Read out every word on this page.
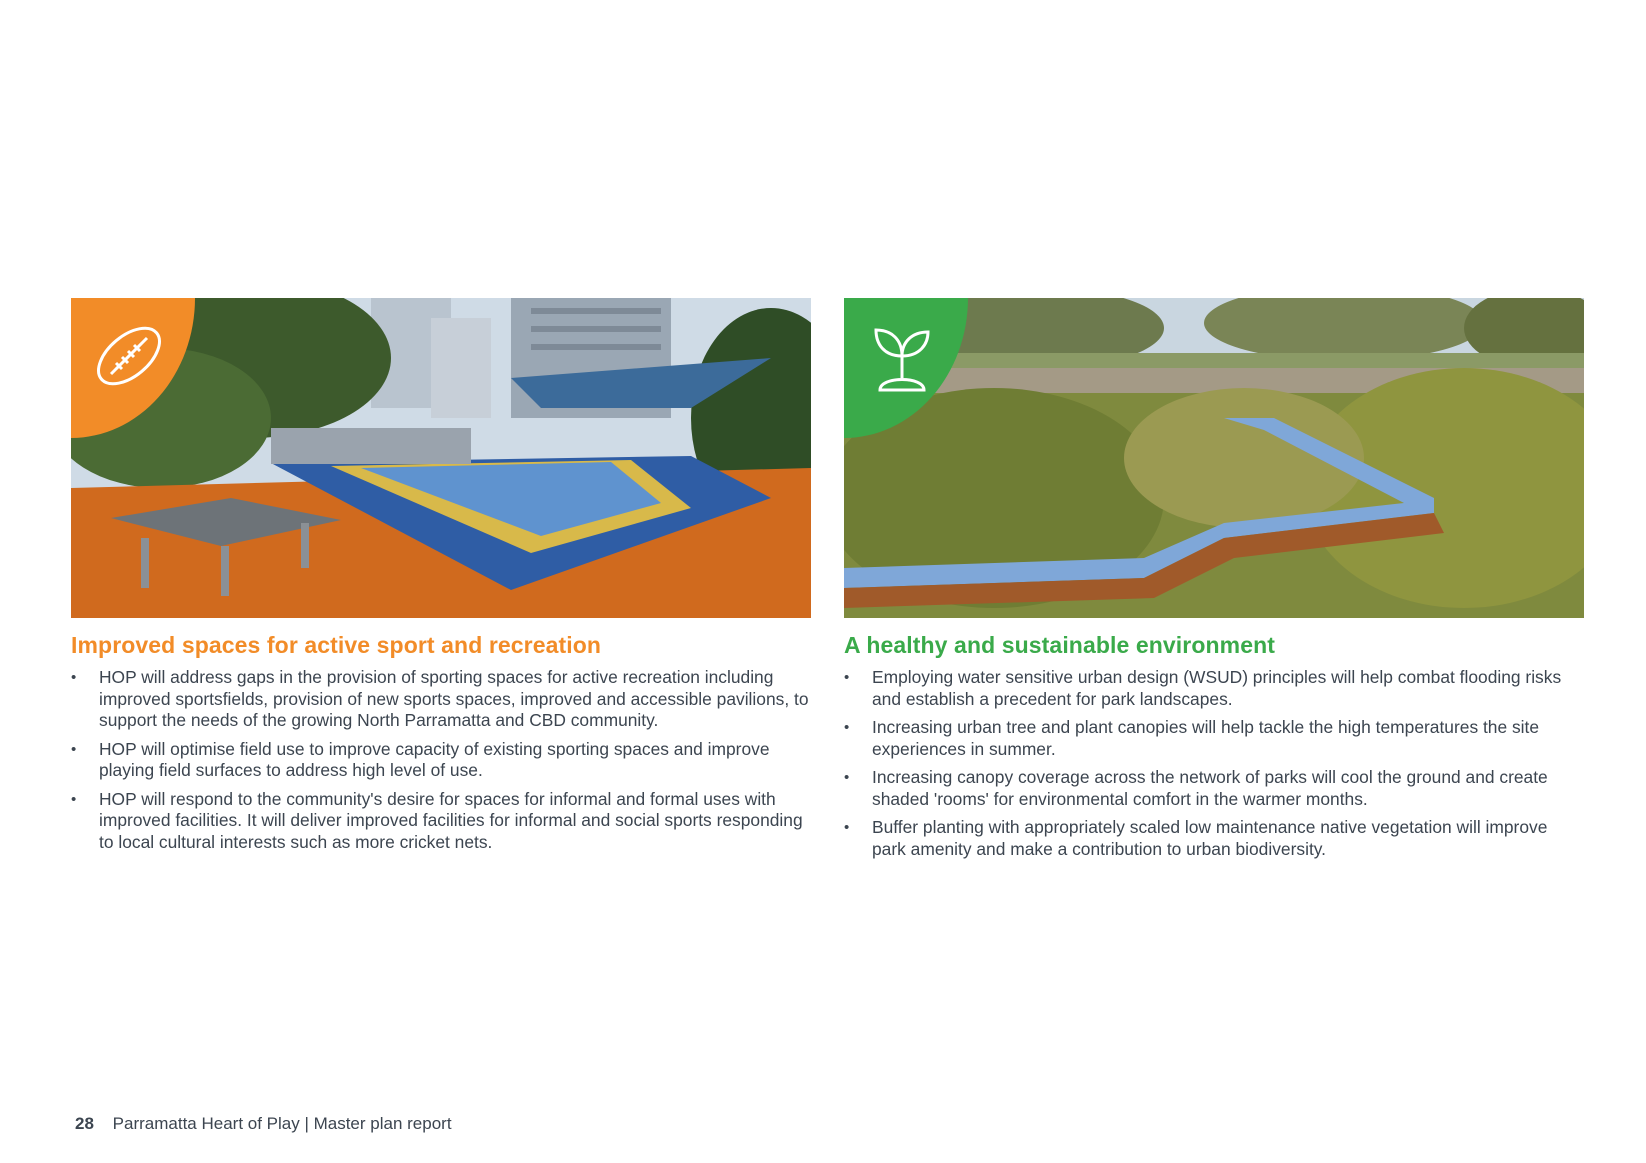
Improved spaces for active sport and recreation
• HOP will address gaps in the provision of sporting spaces for active recreation including improved sportsfields, provision of new sports spaces, improved and accessible pavilions, to support the needs of the growing North Parramatta and CBD community.
• HOP will optimise field use to improve capacity of existing sporting spaces and improve playing field surfaces to address high level of use.
• HOP will respond to the community's desire for spaces for informal and formal uses with improved facilities. It will deliver improved facilities for informal and social sports responding to local cultural interests such as more cricket nets.
A healthy and sustainable environment
• Employing water sensitive urban design (WSUD) principles will help combat flooding risks and establish a precedent for park landscapes.
• Increasing urban tree and plant canopies will help tackle the high temperatures the site experiences in summer.
• Increasing canopy coverage across the network of parks will cool the ground and create shaded 'rooms' for environmental comfort in the warmer months.
• Buffer planting with appropriately scaled low maintenance native vegetation will improve park amenity and make a contribution to urban biodiversity.
28 Parramatta Heart of Play | Master plan report
